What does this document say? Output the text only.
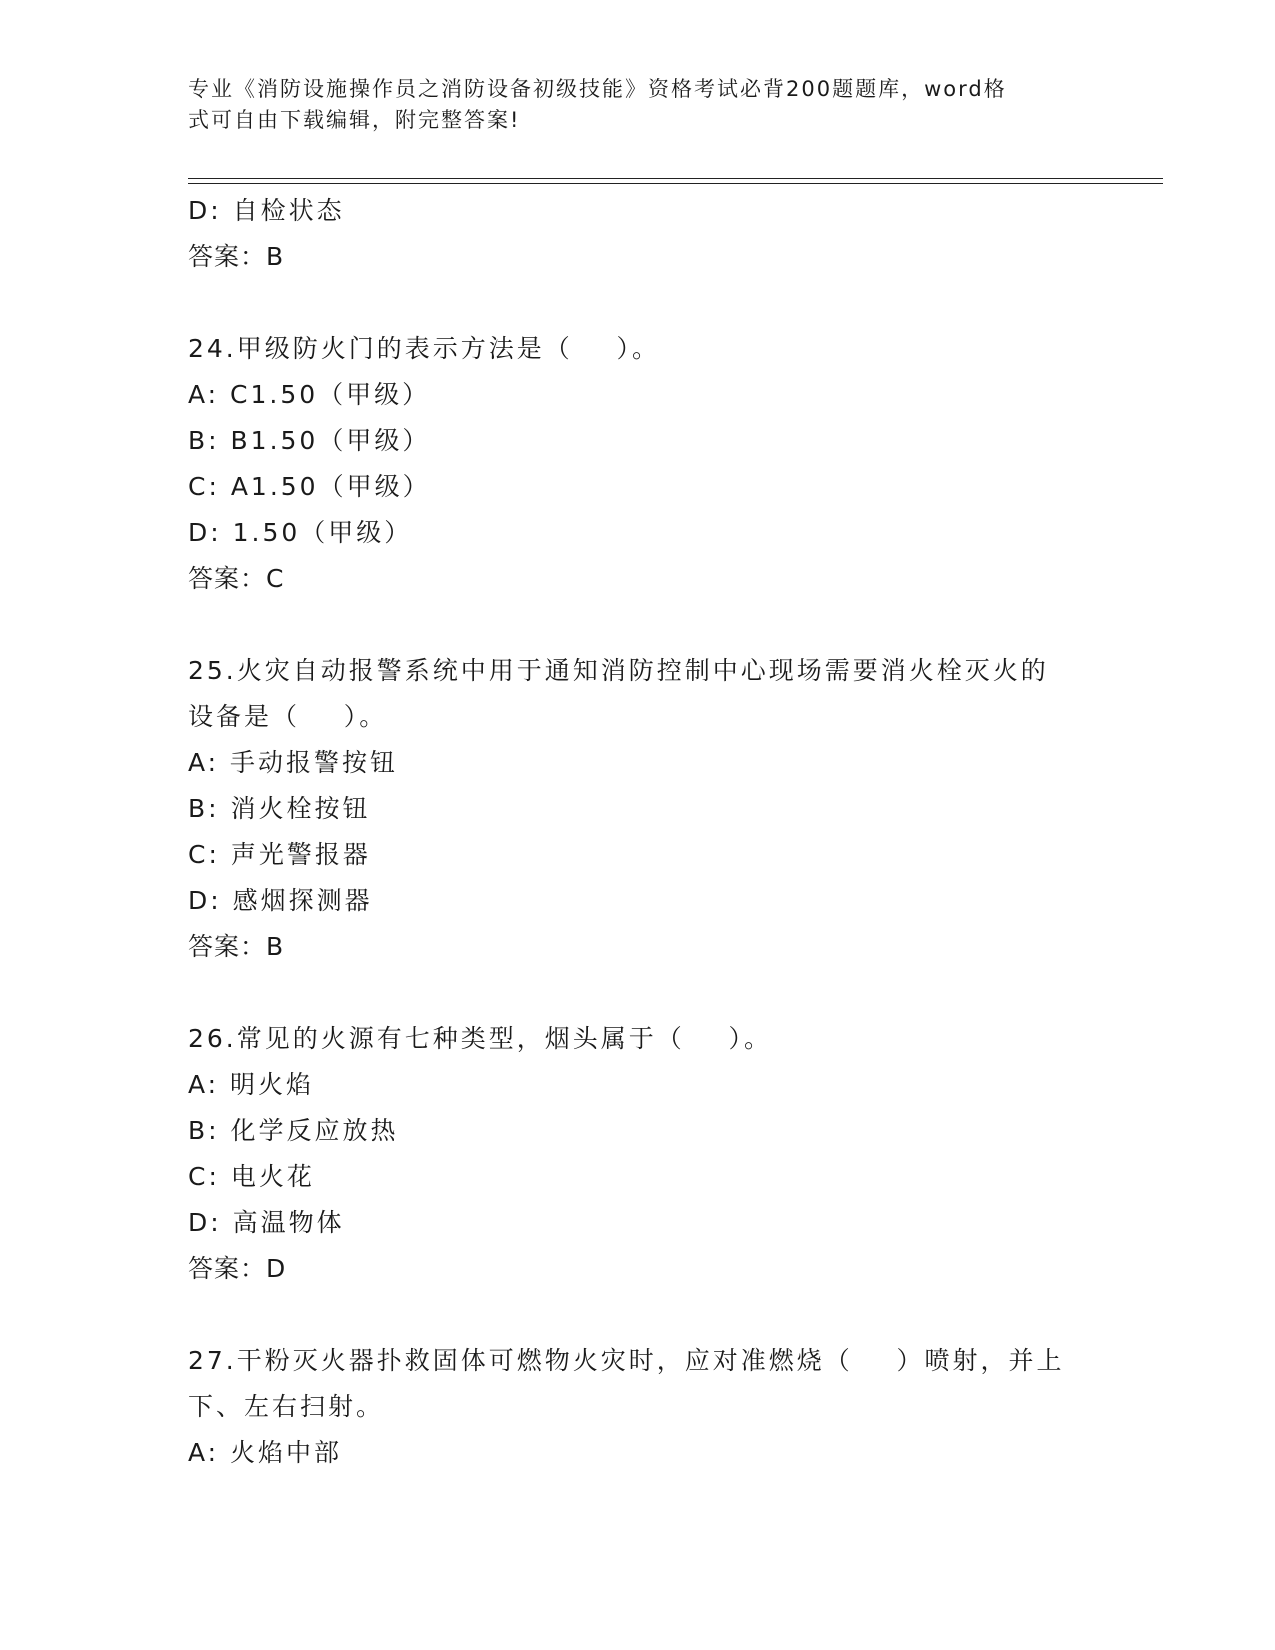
专业《消防设施操作员之消防设备初级技能》资格考试必背200题题库，word格
式可自由下载编辑，附完整答案!
D: 自检状态
答案：B
24.甲级防火门的表示方法是（    ）。
A: C1.50（甲级）
B: B1.50（甲级）
C: A1.50（甲级）
D: 1.50（甲级）
答案：C
25.火灾自动报警系统中用于通知消防控制中心现场需要消火栓灭火的
设备是（    ）。
A: 手动报警按钮
B: 消火栓按钮
C: 声光警报器
D: 感烟探测器
答案：B
26.常见的火源有七种类型，烟头属于（    ）。
A: 明火焰
B: 化学反应放热
C: 电火花
D: 高温物体
答案：D
27.干粉灭火器扑救固体可燃物火灾时，应对准燃烧（    ）喷射，并上
下、左右扫射。
A: 火焰中部
